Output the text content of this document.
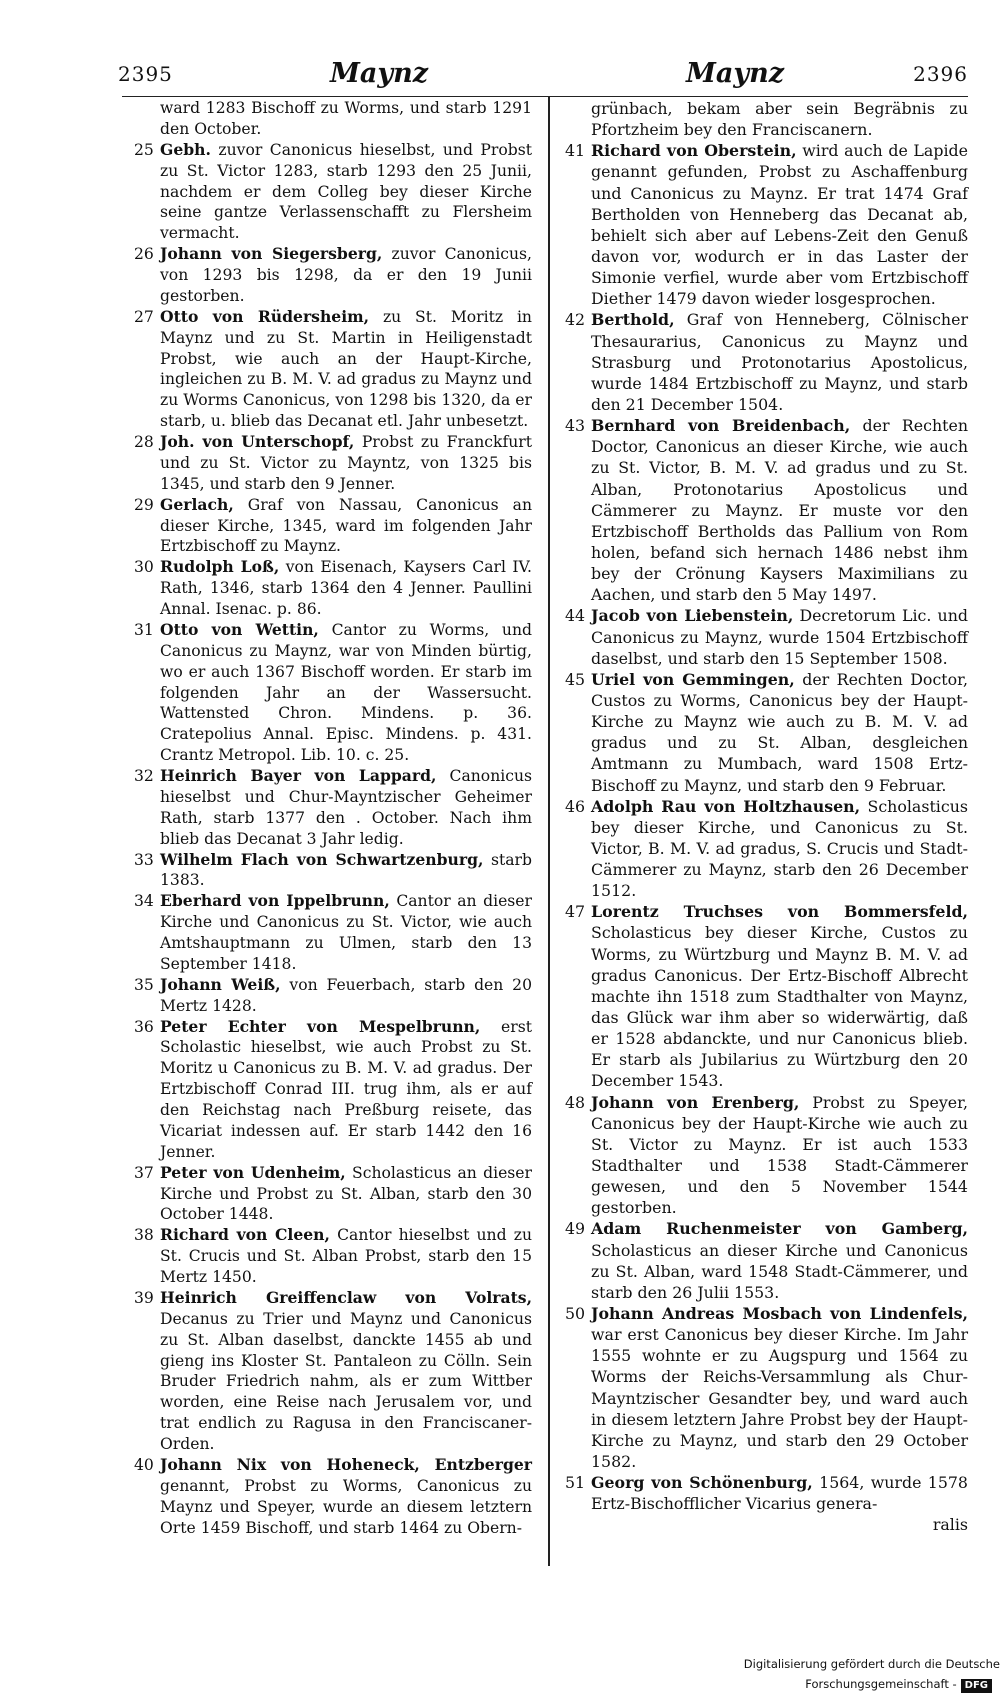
2395	Maynz	Maynz	2396

ward 1283 Bischoff zu Worms, und starb 1291 den October.

25 Gebh. zuvor Canonicus hieselbst, und Probst zu St. Victor 1283, starb 1293 den 25 Junii, nachdem er dem Colleg bey dieser Kirche seine gantze Verlassenschafft zu Flersheim vermacht.

26 Johann von Siegersberg, zuvor Canonicus, von 1293 bis 1298, da er den 19 Junii gestorben.

27 Otto von Rüdersheim, zu St. Moritz in Maynz und zu St. Martin in Heiligenstadt Probst, wie auch an der Haupt-Kirche, ingleichen zu B. M. V. ad gradus zu Maynz und zu Worms Canonicus, von 1298 bis 1320, da er starb, u. blieb das Decanat etl. Jahr unbesetzt.

28 Joh. von Unterschopf, Probst zu Franckfurt und zu St. Victor zu Mayntz, von 1325 bis 1345, und starb den 9 Jenner.

29 Gerlach, Graf von Nassau, Canonicus an dieser Kirche, 1345, ward im folgenden Jahr Ertzbischoff zu Maynz.

30 Rudolph Loß, von Eisenach, Kaysers Carl IV. Rath, 1346, starb 1364 den 4 Jenner. Paullini Annal. Isenac. p. 86.

31 Otto von Wettin, Cantor zu Worms, und Canonicus zu Maynz, war von Minden bürtig, wo er auch 1367 Bischoff worden. Er starb im folgenden Jahr an der Wassersucht. Wattensted Chron. Mindens. p. 36. Cratepolius Annal. Episc. Mindens. p. 431. Crantz Metropol. Lib. 10. c. 25.

32 Heinrich Bayer von Lappard, Canonicus hieselbst und Chur-Mayntzischer Geheimer Rath, starb 1377 den . October. Nach ihm blieb das Decanat 3 Jahr ledig.

33 Wilhelm Flach von Schwartzenburg, starb 1383.

34 Eberhard von Ippelbrunn, Cantor an dieser Kirche und Canonicus zu St. Victor, wie auch Amtshauptmann zu Ulmen, starb den 13 September 1418.

35 Johann Weiß, von Feuerbach, starb den 20 Mertz 1428.

36 Peter Echter von Mespelbrunn, erst Scholastic hieselbst, wie auch Probst zu St. Moritz u Canonicus zu B. M. V. ad gradus. Der Ertzbischoff Conrad III. trug ihm, als er auf den Reichstag nach Preßburg reisete, das Vicariat indessen auf. Er starb 1442 den 16 Jenner.

37 Peter von Udenheim, Scholasticus an dieser Kirche und Probst zu St. Alban, starb den 30 October 1448.

38 Richard von Cleen, Cantor hieselbst und zu St. Crucis und St. Alban Probst, starb den 15 Mertz 1450.

39 Heinrich Greiffenclaw von Volrats, Decanus zu Trier und Maynz und Canonicus zu St. Alban daselbst, danckte 1455 ab und gieng ins Kloster St. Pantaleon zu Cölln. Sein Bruder Friedrich nahm, als er zum Wittber worden, eine Reise nach Jerusalem vor, und trat endlich zu Ragusa in den Franciscaner-Orden.

40 Johann Nix von Hoheneck, Entzberger genannt, Probst zu Worms, Canonicus zu Maynz und Speyer, wurde an diesem letztern Orte 1459 Bischoff, und starb 1464 zu Obern-

grünbach, bekam aber sein Begräbnis zu Pfortzheim bey den Franciscanern.

41 Richard von Oberstein, wird auch de Lapide genannt gefunden, Probst zu Aschaffenburg und Canonicus zu Maynz. Er trat 1474 Graf Bertholden von Henneberg das Decanat ab, behielt sich aber auf Lebens-Zeit den Genuß davon vor, wodurch er in das Laster der Simonie verfiel, wurde aber vom Ertzbischoff Diether 1479 davon wieder losgesprochen.

42 Berthold, Graf von Henneberg, Cölnischer Thesaurarius, Canonicus zu Maynz und Strasburg und Protonotarius Apostolicus, wurde 1484 Ertzbischoff zu Maynz, und starb den 21 December 1504.

43 Bernhard von Breidenbach, der Rechten Doctor, Canonicus an dieser Kirche, wie auch zu St. Victor, B. M. V. ad gradus und zu St. Alban, Protonotarius Apostolicus und Cämmerer zu Maynz. Er muste vor den Ertzbischoff Bertholds das Pallium von Rom holen, befand sich hernach 1486 nebst ihm bey der Crönung Kaysers Maximilians zu Aachen, und starb den 5 May 1497.

44 Jacob von Liebenstein, Decretorum Lic. und Canonicus zu Maynz, wurde 1504 Ertzbischoff daselbst, und starb den 15 September 1508.

45 Uriel von Gemmingen, der Rechten Doctor, Custos zu Worms, Canonicus bey der Haupt-Kirche zu Maynz wie auch zu B. M. V. ad gradus und zu St. Alban, desgleichen Amtmann zu Mumbach, ward 1508 Ertz-Bischoff zu Maynz, und starb den 9 Februar.

46 Adolph Rau von Holtzhausen, Scholasticus bey dieser Kirche, und Canonicus zu St. Victor, B. M. V. ad gradus, S. Crucis und Stadt-Cämmerer zu Maynz, starb den 26 December 1512.

47 Lorentz Truchses von Bommersfeld, Scholasticus bey dieser Kirche, Custos zu Worms, zu Würtzburg und Maynz B. M. V. ad gradus Canonicus. Der Ertz-Bischoff Albrecht machte ihn 1518 zum Stadthalter von Maynz, das Glück war ihm aber so widerwärtig, daß er 1528 abdanckte, und nur Canonicus blieb. Er starb als Jubilarius zu Würtzburg den 20 December 1543.

48 Johann von Erenberg, Probst zu Speyer, Canonicus bey der Haupt-Kirche wie auch zu St. Victor zu Maynz. Er ist auch 1533 Stadthalter und 1538 Stadt-Cämmerer gewesen, und den 5 November 1544 gestorben.

49 Adam Ruchenmeister von Gamberg, Scholasticus an dieser Kirche und Canonicus zu St. Alban, ward 1548 Stadt-Cämmerer, und starb den 26 Julii 1553.

50 Johann Andreas Mosbach von Lindenfels, war erst Canonicus bey dieser Kirche. Im Jahr 1555 wohnte er zu Augspurg und 1564 zu Worms der Reichs-Versammlung als Chur-Mayntzischer Gesandter bey, und ward auch in diesem letztern Jahre Probst bey der Haupt-Kirche zu Maynz, und starb den 29 October 1582.

51 Georg von Schönenburg, 1564, wurde 1578 Ertz-Bischofflicher Vicarius genera-

ralis

Digitalisierung gefördert durch die Deutsche Forschungsgemeinschaft - DFG
